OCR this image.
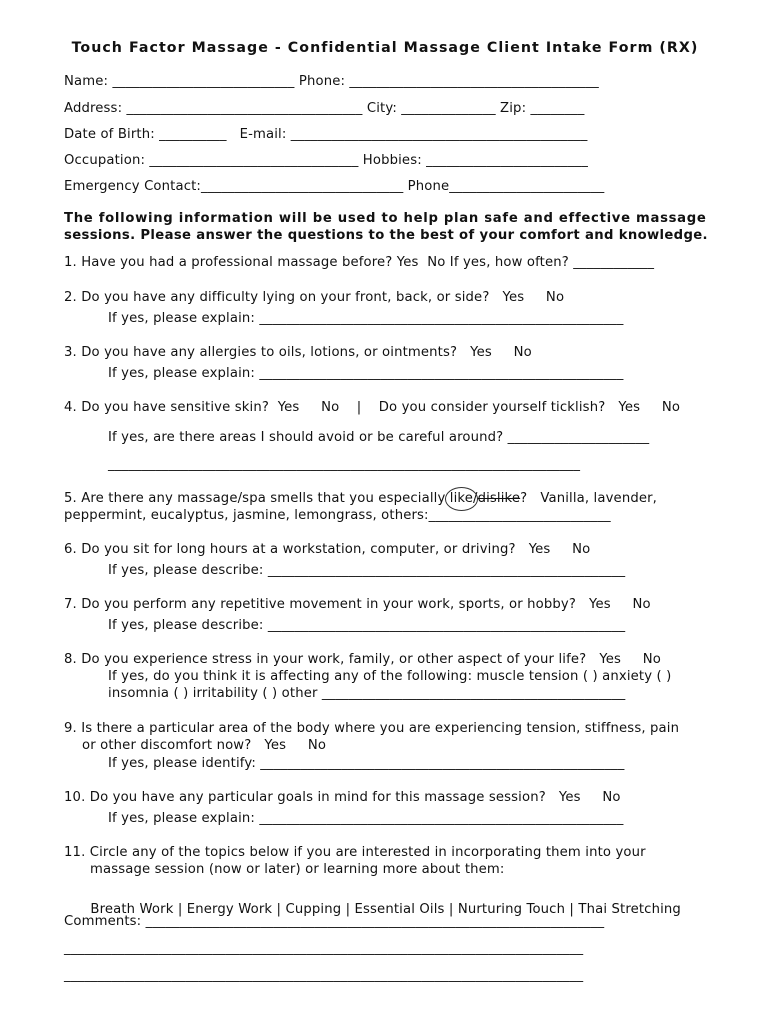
Touch Factor Massage - Confidential Massage Client Intake Form (RX)
Name: ___________________________ Phone: _____________________________________
Address: ___________________________________ City: ______________ Zip: ________
Date of Birth: __________   E-mail: ____________________________________________
Occupation: _______________________________ Hobbies: ________________________
Emergency Contact:______________________________ Phone_______________________
The following information will be used to help plan safe and effective massage
sessions. Please answer the questions to the best of your comfort and knowledge.
1. Have you had a professional massage before? Yes  No If yes, how often? ____________
2. Do you have any difficulty lying on your front, back, or side?   Yes     No
If yes, please explain: ______________________________________________________
3. Do you have any allergies to oils, lotions, or ointments?   Yes     No
If yes, please explain: ______________________________________________________
4. Do you have sensitive skin?  Yes     No    |    Do you consider yourself ticklish?   Yes     No
If yes, are there areas I should avoid or be careful around? _____________________
______________________________________________________________________
5. Are there any massage/spa smells that you especially like/dislike?   Vanilla, lavender,
peppermint, eucalyptus, jasmine, lemongrass, others:___________________________
6. Do you sit for long hours at a workstation, computer, or driving?   Yes     No
If yes, please describe: _____________________________________________________
7. Do you perform any repetitive movement in your work, sports, or hobby?   Yes     No
If yes, please describe: _____________________________________________________
8. Do you experience stress in your work, family, or other aspect of your life?   Yes     No
If yes, do you think it is affecting any of the following: muscle tension ( ) anxiety ( )
insomnia ( ) irritability ( ) other _____________________________________________
9. Is there a particular area of the body where you are experiencing tension, stiffness, pain
or other discomfort now?   Yes     No
If yes, please identify: ______________________________________________________
10. Do you have any particular goals in mind for this massage session?   Yes     No
If yes, please explain: ______________________________________________________
11. Circle any of the topics below if you are interested in incorporating them into your
massage session (now or later) or learning more about them:

Breath Work | Energy Work | Cupping | Essential Oils | Nurturing Touch | Thai Stretching

Comments: ____________________________________________________________________
_____________________________________________________________________________
_____________________________________________________________________________
